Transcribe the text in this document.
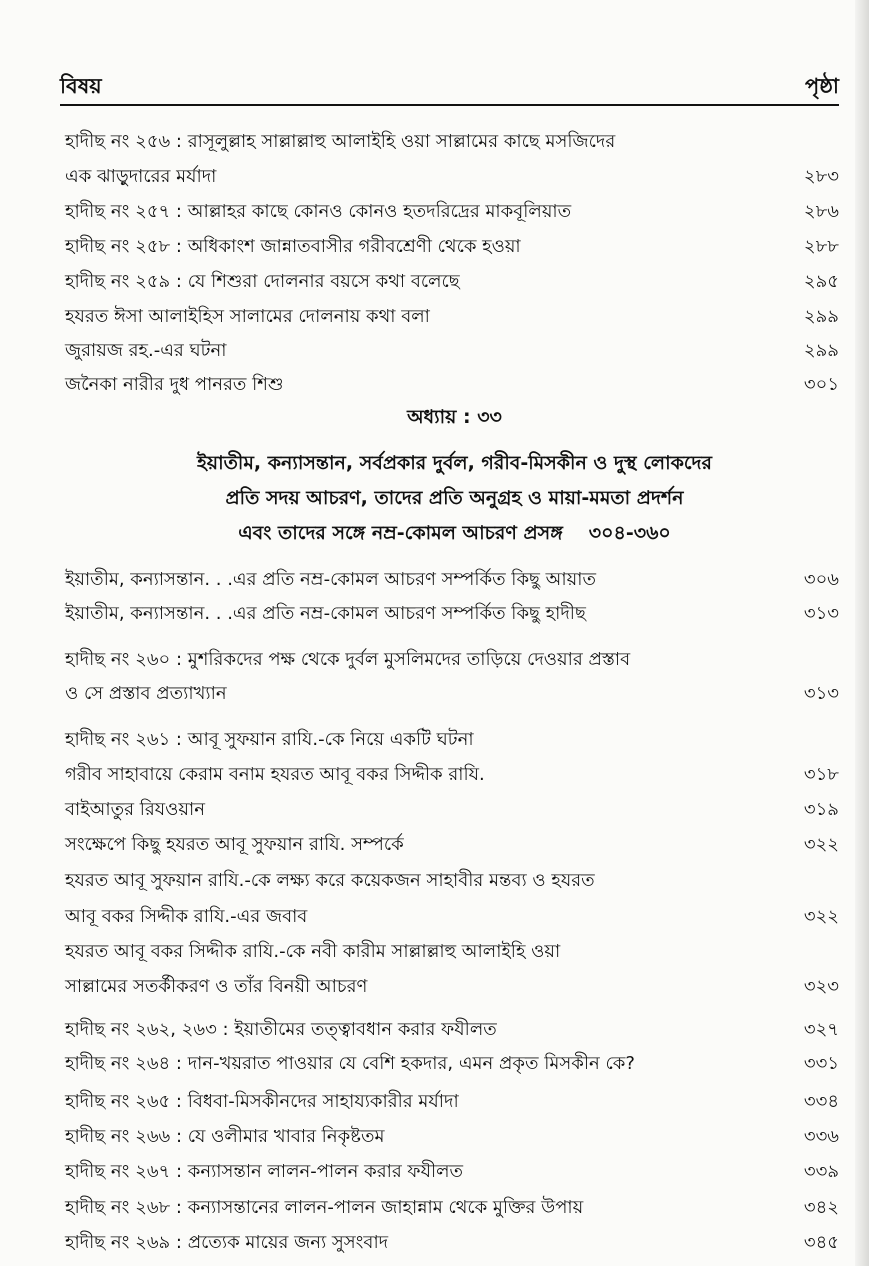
বিষয়	পৃষ্ঠা
হাদীছ নং ২৫৬ : রাসূলুল্লাহ সাল্লাল্লাহু আলাইহি ওয়া সাল্লামের কাছে মসজিদের
এক ঝাড়ুদারের মর্যাদা	২৮৩
হাদীছ নং ২৫৭ : আল্লাহর কাছে কোনও কোনও হতদরিদ্রের মাকবূলিয়াত	২৮৬
হাদীছ নং ২৫৮ : অধিকাংশ জান্নাতবাসীর গরীবশ্রেণী থেকে হওয়া	২৮৮
হাদীছ নং ২৫৯ : যে শিশুরা দোলনার বয়সে কথা বলেছে	২৯৫
হযরত ঈসা আলাইহিস সালামের দোলনায় কথা বলা	২৯৯
জুরায়জ রহ.-এর ঘটনা	২৯৯
জনৈকা নারীর দুধ পানরত শিশু	৩০১
অধ্যায় : ৩৩
ইয়াতীম, কন্যাসন্তান, সর্বপ্রকার দুর্বল, গরীব-মিসকীন ও দুস্থ লোকদের
প্রতি সদয় আচরণ, তাদের প্রতি অনুগ্রহ ও মায়া-মমতা প্রদর্শন
এবং তাদের সঙ্গে নম্র-কোমল আচরণ প্রসঙ্গ ৩০৪-৩৬০
ইয়াতীম, কন্যাসন্তান. . .এর প্রতি নম্র-কোমল আচরণ সম্পর্কিত কিছু আয়াত	৩০৬
ইয়াতীম, কন্যাসন্তান. . .এর প্রতি নম্র-কোমল আচরণ সম্পর্কিত কিছু হাদীছ	৩১৩
হাদীছ নং ২৬০ : মুশরিকদের পক্ষ থেকে দুর্বল মুসলিমদের তাড়িয়ে দেওয়ার প্রস্তাব
ও সে প্রস্তাব প্রত্যাখ্যান	৩১৩
হাদীছ নং ২৬১ : আবূ সুফয়ান রাযি.-কে নিয়ে একটি ঘটনা
গরীব সাহাবায়ে কেরাম বনাম হযরত আবূ বকর সিদ্দীক রাযি.	৩১৮
বাইআতুর রিযওয়ান	৩১৯
সংক্ষেপে কিছু হযরত আবূ সুফয়ান রাযি. সম্পর্কে	৩২২
হযরত আবূ সুফয়ান রাযি.-কে লক্ষ্য করে কয়েকজন সাহাবীর মন্তব্য ও হযরত
আবূ বকর সিদ্দীক রাযি.-এর জবাব	৩২২
হযরত আবূ বকর সিদ্দীক রাযি.-কে নবী কারীম সাল্লাল্লাহু আলাইহি ওয়া
সাল্লামের সতর্কীকরণ ও তাঁর বিনয়ী আচরণ	৩২৩
হাদীছ নং ২৬২, ২৬৩ : ইয়াতীমের তত্ত্বাবধান করার ফযীলত	৩২৭
হাদীছ নং ২৬৪ : দান-খয়রাত পাওয়ার যে বেশি হকদার, এমন প্রকৃত মিসকীন কে?	৩৩১
হাদীছ নং ২৬৫ : বিধবা-মিসকীনদের সাহায্যকারীর মর্যাদা	৩৩৪
হাদীছ নং ২৬৬ : যে ওলীমার খাবার নিকৃষ্টতম	৩৩৬
হাদীছ নং ২৬৭ : কন্যাসন্তান লালন-পালন করার ফযীলত	৩৩৯
হাদীছ নং ২৬৮ : কন্যাসন্তানের লালন-পালন জাহান্নাম থেকে মুক্তির উপায়	৩৪২
হাদীছ নং ২৬৯ : প্রত্যেক মায়ের জন্য সুসংবাদ	৩৪৫
